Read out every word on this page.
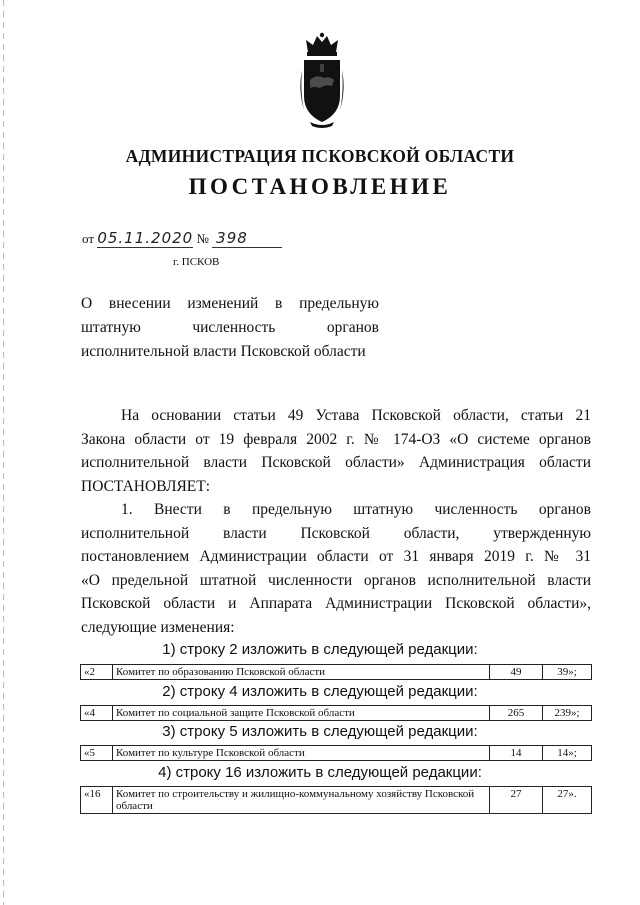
АДМИНИСТРАЦИЯ ПСКОВСКОЙ ОБЛАСТИ
ПОСТАНОВЛЕНИЕ
от 05.11.2020 № 398
г. ПСКОВ
О внесении изменений в предельную
штатную численность органов
исполнительной власти Псковской области
На основании статьи 49 Устава Псковской области, статьи 21
Закона области от 19 февраля 2002 г. № 174-ОЗ «О системе органов
исполнительной власти Псковской области» Администрация области
ПОСТАНОВЛЯЕТ:
1. Внести в предельную штатную численность органов
исполнительной власти Псковской области, утвержденную
постановлением Администрации области от 31 января 2019 г. № 31
«О предельной штатной численности органов исполнительной власти
Псковской области и Аппарата Администрации Псковской области»,
следующие изменения:
1) строку 2 изложить в следующей редакции:
«2	Комитет по образованию Псковской области	49	39»;
2) строку 4 изложить в следующей редакции:
«4	Комитет по социальной защите Псковской области	265	239»;
3) строку 5 изложить в следующей редакции:
«5	Комитет по культуре Псковской области	14	14»;
4) строку 16 изложить в следующей редакции:
«16	Комитет по строительству и жилищно-коммунальному хозяйству Псковской области	27	27».
